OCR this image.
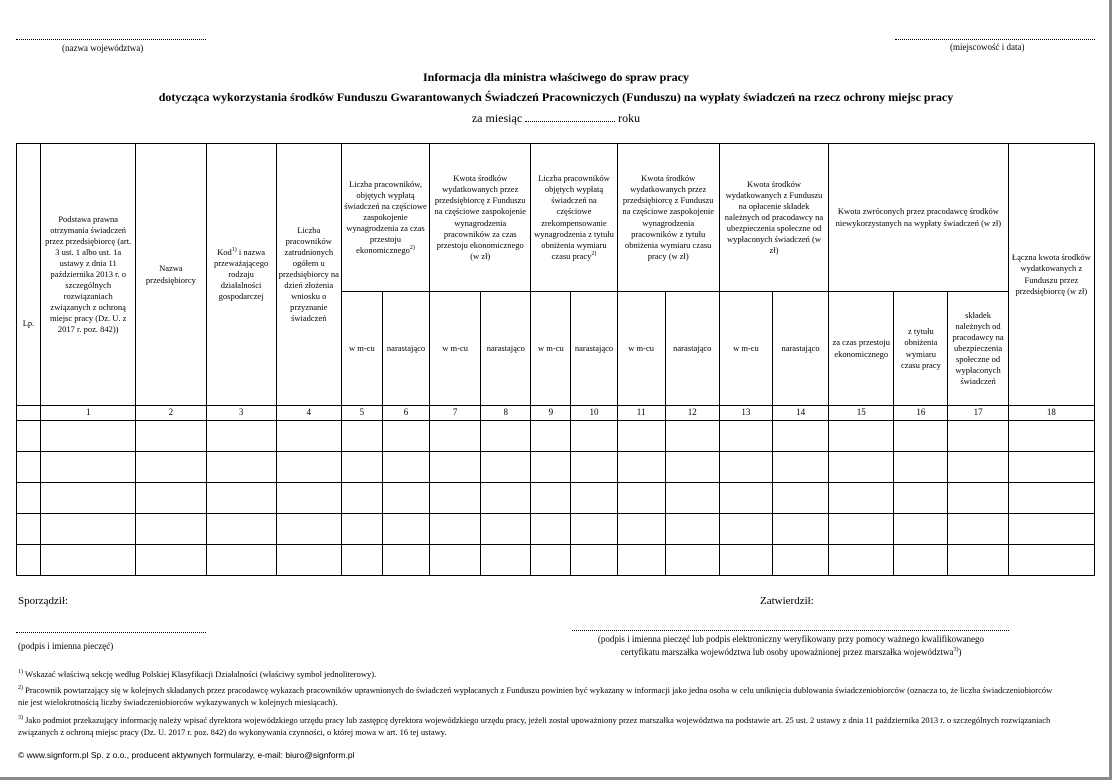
(nazwa województwa)	(miejscowość i data)
Informacja dla ministra właściwego do spraw pracy
dotycząca wykorzystania środków Funduszu Gwarantowanych Świadczeń Pracowniczych (Funduszu) na wypłaty świadczeń na rzecz ochrony miejsc pracy
za miesiąc	roku
Lp.	Podstawa prawna otrzymania świadczeń przez przedsiębiorcę (art. 3 ust. 1 albo ust. 1a ustawy z dnia 11 października 2013 r. o szczególnych rozwiązaniach związanych z ochroną miejsc pracy (Dz. U. z 2017 r. poz. 842))	Nazwa przedsiębiorcy	Kod$^{1)}$ i nazwa przeważającego rodzaju działalności gospodarczej	Liczba pracowników zatrudnionych ogółem u przedsiębiorcy na dzień złożenia wniosku o przyznanie świadczeń	Liczba pracowników, objętych wypłatą świadczeń na częściowe zaspokojenie wynagrodzenia za czas przestoju ekonomicznego$^{2)}$		Kwota środków wydatkowanych przez przedsiębiorcę z Funduszu na częściowe zaspokojenie wynagrodzenia pracowników za czas przestoju ekonomicznego (w zł)		Liczba pracowników objętych wypłatą świadczeń na częściowe zrekompensowanie wynagrodzenia z tytułu obniżenia wymiaru czasu pracy$^{2)}$		Kwota środków wydatkowanych przez przedsiębiorcę z Funduszu na częściowe zaspokojenie wynagrodzenia pracowników z tytułu obniżenia wymiaru czasu pracy (w zł)		Kwota środków wydatkowanych z Funduszu na opłacenie składek należnych od pracodawcy na ubezpieczenia społeczne od wypłaconych świadczeń (w zł)		Kwota zwróconych przez pracodawcę środków niewykorzystanych na wypłaty świadczeń (w zł)			Łączna kwota środków wydatkowanych z Funduszu przez przedsiębiorcę (w zł)
					w m-cu	narastającо	w m-cu	narastająco	w m-cu	narastającо	w m-cu	narastająco	w m-cu	narastająco	za czas przestoju ekonomicznego	z tytułu obniżenia wymiaru czasu pracy	składek należnych od pracodawcy na ubezpieczenia społeczne od wypłaconych świadczeń	
	1	2	3	4	5	6	7	8	9	10	11	12	13	14	15	16	17	18

Sporządził:
(podpis i imienna pieczęć)
Zatwierdził:
(podpis i imienna pieczęć lub podpis elektroniczny weryfikowany przy pomocy ważnego kwalifikowanego
certyfikatu marszałka województwa lub osoby upoważnionej przez marszałka województwa$^{3)}$)
$^{1)}$ Wskazać właściwą sekcję według Polskiej Klasyfikacji Działalności (właściwy symbol jednoliterowy).
$^{2)}$ Pracownik powtarzający się w kolejnych składanych przez pracodawcę wykazach pracowników uprawnionych do świadczeń wypłacanych z Funduszu powinien być wykazany w informacji jako jedna osoba w celu uniknięcia dublowania świadczeniobiorców (oznacza to, że liczba świadczeniobiorców nie jest wielokrotnością liczby świadczeniobiorców wykazywanych w kolejnych miesiącach).
$^{3)}$ Jako podmiot przekazujący informację należy wpisać dyrektora wojewódzkiego urzędu pracy lub zastępcę dyrektora wojewódzkiego urzędu pracy, jeżeli został upoważniony przez marszałka województwa na podstawie art. 25 ust. 2 ustawy z dnia 11 października 2013 r. o szczególnych rozwiązaniach związanych z ochroną miejsc pracy (Dz. U. 2017 r. poz. 842) do wykonywania czynności, o której mowa w art. 16 tej ustawy.
© www.signform.pl Sp. z o.o., producent aktywnych formularzy, e-mail: biuro@signform.pl
